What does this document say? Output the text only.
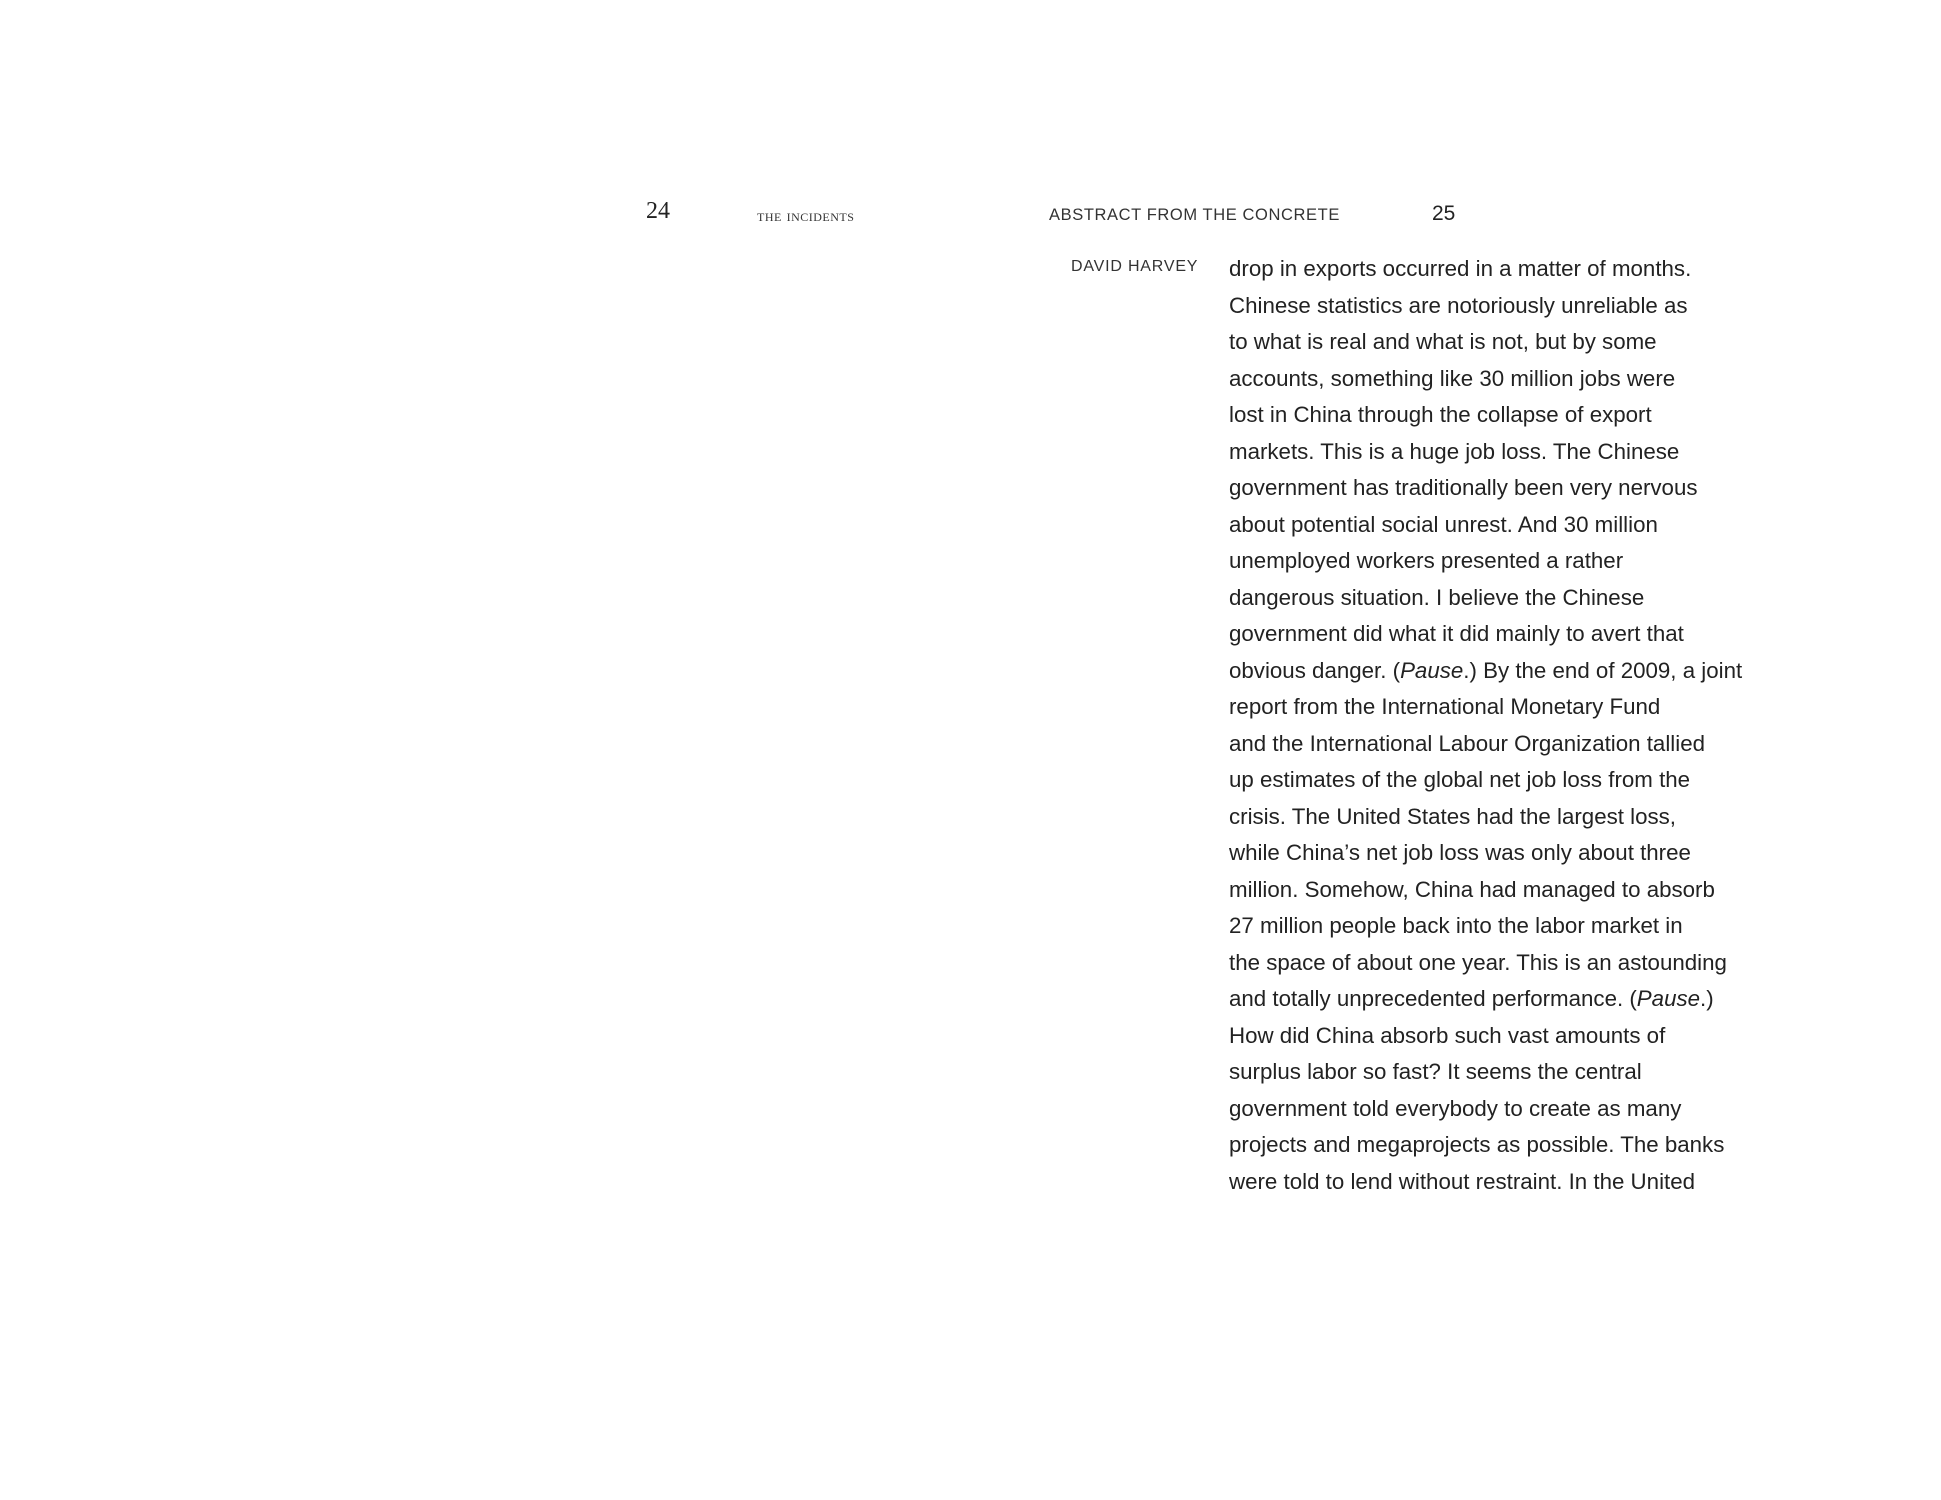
24	the incidents	ABSTRACT FROM THE CONCRETE	25
DAVID HARVEY drop in exports occurred in a matter of months.
Chinese statistics are notoriously unreliable as
to what is real and what is not, but by some
accounts, something like 30 million jobs were
lost in China through the collapse of export
markets. This is a huge job loss. The Chinese
government has traditionally been very nervous
about potential social unrest. And 30 million
unemployed workers presented a rather
dangerous situation. I believe the Chinese
government did what it did mainly to avert that
obvious danger. (Pause.) By the end of 2009, a joint
report from the International Monetary Fund
and the International Labour Organization tallied
up estimates of the global net job loss from the
crisis. The United States had the largest loss,
while China’s net job loss was only about three
million. Somehow, China had managed to absorb
27 million people back into the labor market in
the space of about one year. This is an astounding
and totally unprecedented performance. (Pause.)
How did China absorb such vast amounts of
surplus labor so fast? It seems the central
government told everybody to create as many
projects and megaprojects as possible. The banks
were told to lend without restraint. In the United
